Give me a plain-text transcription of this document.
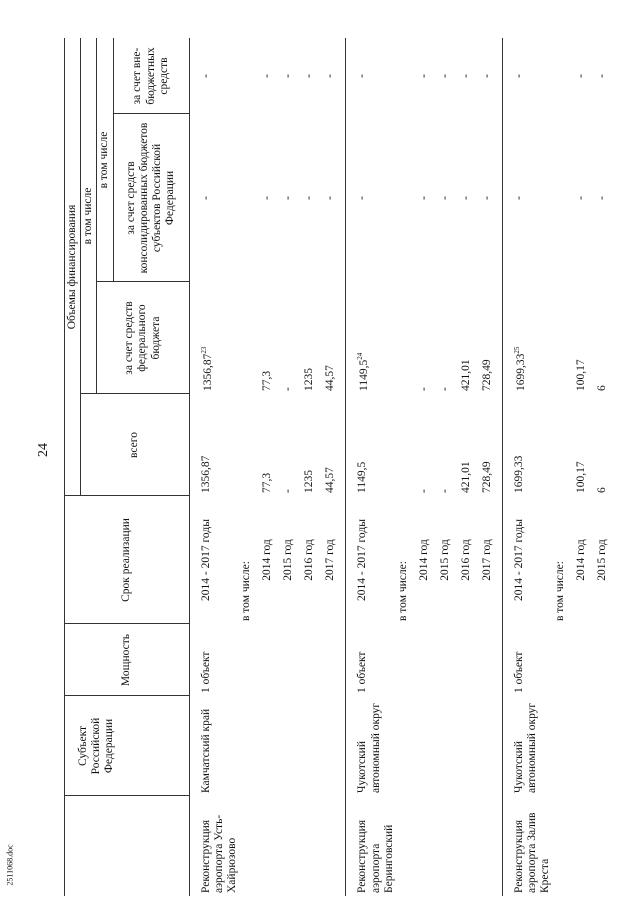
24
2511068.doc
	Субъект Российской Федерации	Мощность	Срок реализации	Объемы финансирования			
				всего	в том числе		
					за счет средств федерального бюджета	в том числе	
						за счет средств консолидированных бюджетов субъектов Российской Федерации	за счет вне- бюджетных средств
Реконструкция аэропорта Усть-Хайрюзово	Камчатский край	1 объект	2014 - 2017 годы	1356,87	1356,87$^{23}$	-	-
			в том числе:				
			2014 год	77,3	77,3	-	-
			2015 год	-	-	-	-
			2016 год	1235	1235	-	-
			2017 год	44,57	44,57	-	-
Реконструкция аэропорта Беринговский	Чукотский автономный округ	1 объект	2014 - 2017 годы	1149,5	1149,5$^{24}$	-	-
			в том числе:				
			2014 год	-	-	-	-
			2015 год	-	-	-	-
			2016 год	421,01	421,01	-	-
			2017 год	728,49	728,49	-	-
Реконструкция аэропорта Залив Креста	Чукотский автономный округ	1 объект	2014 - 2017 годы	1699,33	1699,33$^{25}$	-	-
			в том числе:				
			2014 год	100,17	100,17	-	-
			2015 год	6	6	-	-
